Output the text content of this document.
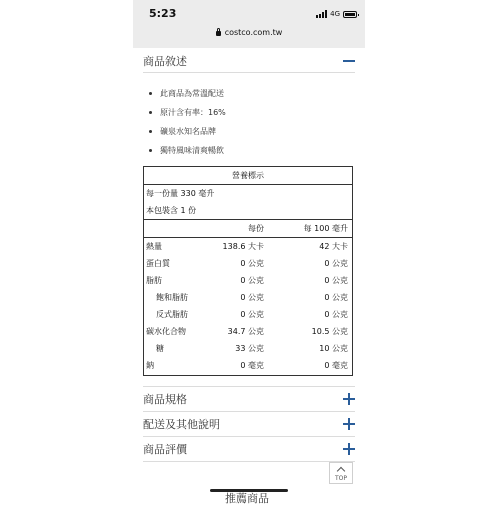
5:23	4G
costco.com.tw
商品敘述
此商品為常溫配送
原汁含有率：16%
礦泉水知名品牌
獨特風味清爽暢飲
營養標示
每一份量 330 毫升
本包裝含 1 份
每份	每 100 毫升
熱量	138.6 大卡	42 大卡
蛋白質	0 公克	0 公克
脂肪	0 公克	0 公克
飽和脂肪	0 公克	0 公克
反式脂肪	0 公克	0 公克
碳水化合物	34.7 公克	10.5 公克
糖	33 公克	10 公克
鈉	0 毫克	0 毫克
商品規格
配送及其他說明
商品評價
TOP
推薦商品
